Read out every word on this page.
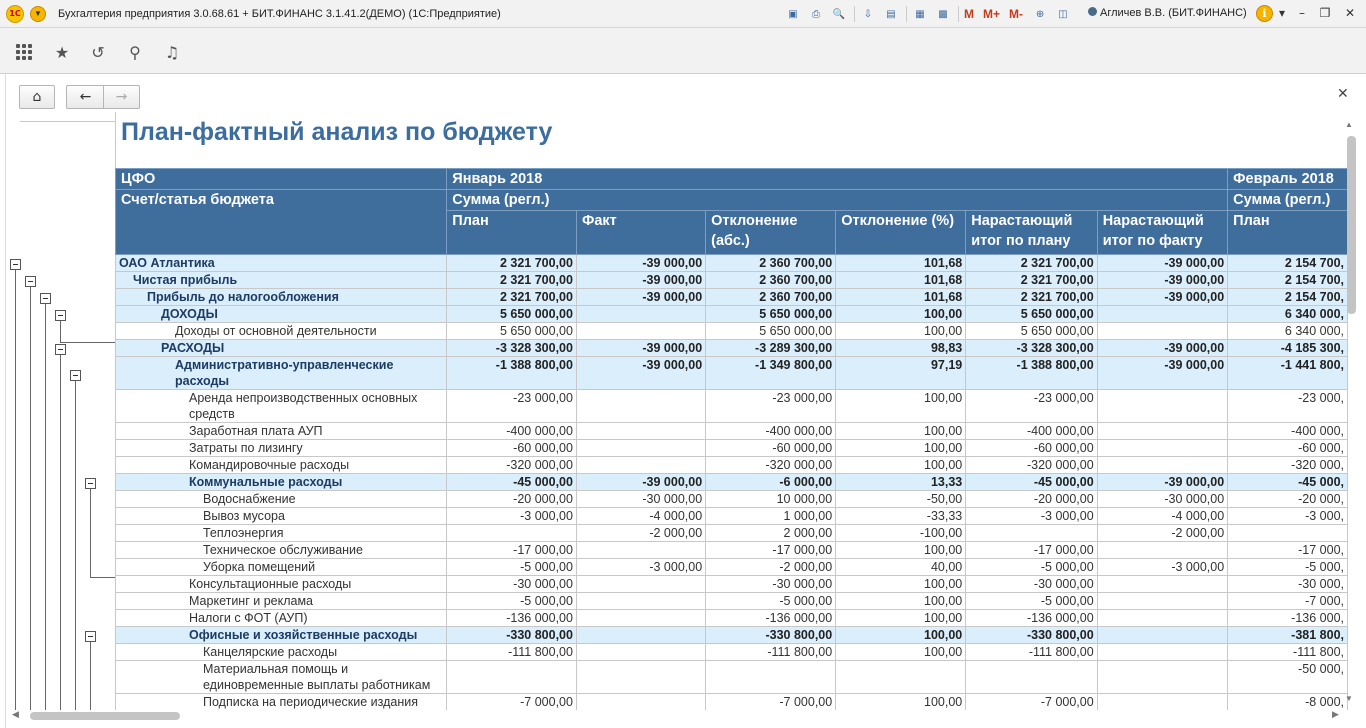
1С	▼	Бухгалтерия предприятия 3.0.68.61 + БИТ.ФИНАНС 3.1.41.2(ДЕМО) (1С:Предприятие)	▣	⎙	🔍	⇩	▤	▦	▩ M M+ M-	⊕	◫	Агличев В.В. (БИТ.ФИНАНС)	i	▾	–	❐	✕
★ ↺ ⚲ ♫
⌂	← →	✕
План-фактный анализ по бюджету
ЦФО	Январь 2018						Февраль 2018
Счет/статья бюджета	Сумма (регл.)						Сумма (регл.)
	План	Факт	Отклонение (абс.)	Отклонение (%)	Нарастающий итог по плану	Нарастающий итог по факту	План
ОАО Атлантика	2 321 700,00	-39 000,00	2 360 700,00	101,68	2 321 700,00	-39 000,00	2 154 700,
Чистая прибыль	2 321 700,00	-39 000,00	2 360 700,00	101,68	2 321 700,00	-39 000,00	2 154 700,
Прибыль до налогообложения	2 321 700,00	-39 000,00	2 360 700,00	101,68	2 321 700,00	-39 000,00	2 154 700,
ДОХОДЫ	5 650 000,00		5 650 000,00	100,00	5 650 000,00		6 340 000,
Доходы от основной деятельности	5 650 000,00		5 650 000,00	100,00	5 650 000,00		6 340 000,
РАСХОДЫ	-3 328 300,00	-39 000,00	-3 289 300,00	98,83	-3 328 300,00	-39 000,00	-4 185 300,
Административно-управленческие расходы	-1 388 800,00	-39 000,00	-1 349 800,00	97,19	-1 388 800,00	-39 000,00	-1 441 800,
Аренда непроизводственных основных средств	-23 000,00		-23 000,00	100,00	-23 000,00		-23 000,
Заработная плата АУП	-400 000,00		-400 000,00	100,00	-400 000,00		-400 000,
Затраты по лизингу	-60 000,00		-60 000,00	100,00	-60 000,00		-60 000,
Командировочные расходы	-320 000,00		-320 000,00	100,00	-320 000,00		-320 000,
Коммунальные расходы	-45 000,00	-39 000,00	-6 000,00	13,33	-45 000,00	-39 000,00	-45 000,
Водоснабжение	-20 000,00	-30 000,00	10 000,00	-50,00	-20 000,00	-30 000,00	-20 000,
Вывоз мусора	-3 000,00	-4 000,00	1 000,00	-33,33	-3 000,00	-4 000,00	-3 000,
Теплоэнергия		-2 000,00	2 000,00	-100,00		-2 000,00	
Техническое обслуживание	-17 000,00		-17 000,00	100,00	-17 000,00		-17 000,
Уборка помещений	-5 000,00	-3 000,00	-2 000,00	40,00	-5 000,00	-3 000,00	-5 000,
Консультационные расходы	-30 000,00		-30 000,00	100,00	-30 000,00		-30 000,
Маркетинг и реклама	-5 000,00		-5 000,00	100,00	-5 000,00		-7 000,
Налоги с ФОТ (АУП)	-136 000,00		-136 000,00	100,00	-136 000,00		-136 000,
Офисные и хозяйственные расходы	-330 800,00		-330 800,00	100,00	-330 800,00		-381 800,
Канцелярские расходы	-111 800,00		-111 800,00	100,00	-111 800,00		-111 800,
Материальная помощь и единовременные выплаты работникам							-50 000,
Подписка на периодические издания	-7 000,00		-7 000,00	100,00	-7 000,00		-8 000,
▲
▼
◀	▶
